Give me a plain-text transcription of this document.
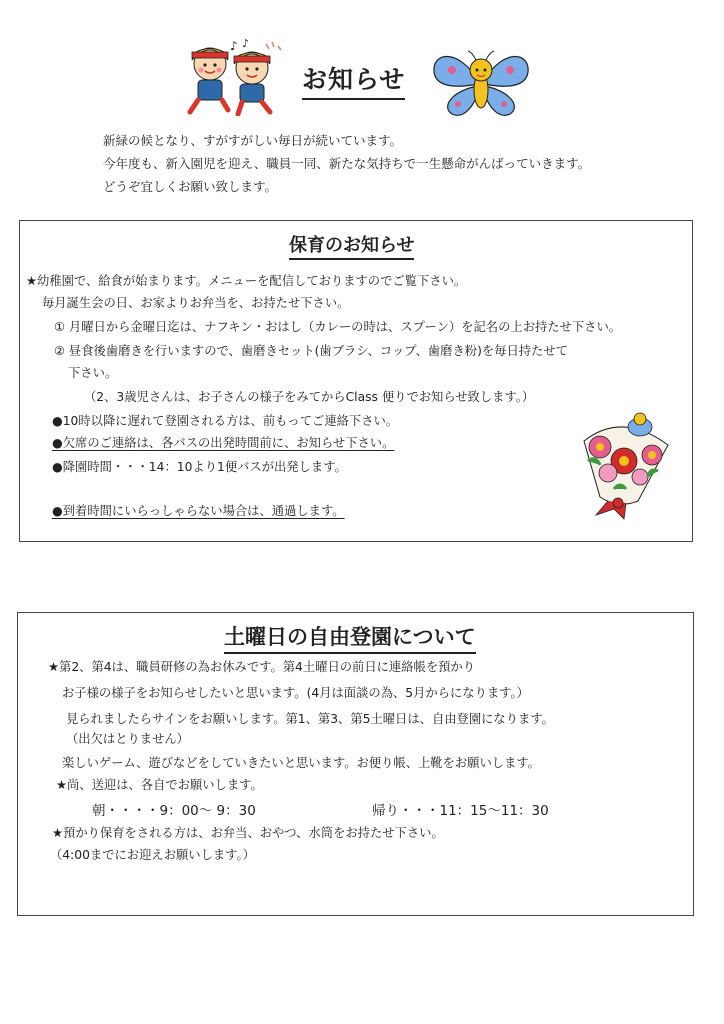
♪ ♪
お知らせ
新緑の候となり、すがすがしい毎日が続いています。
今年度も、新入園児を迎え、職員一同、新たな気持ちで一生懸命がんばっていきます。
どうぞ宜しくお願い致します。
保育のお知らせ
★幼稚園で、給食が始まります。メニューを配信しておりますのでご覧下さい。
毎月誕生会の日、お家よりお弁当を、お持たせ下さい。
① 月曜日から金曜日迄は、ナフキン・おはし（カレーの時は、スプーン）を記名の上お持たせ下さい。
② 昼食後歯磨きを行いますので、歯磨きセット(歯ブラシ、コップ、歯磨き粉)を毎日持たせて
下さい。
（2、3歳児さんは、お子さんの様子をみてからClass 便りでお知らせ致します。）
●10時以降に遅れて登園される方は、前もってご連絡下さい。
●欠席のご連絡は、各バスの出発時間前に、お知らせ下さい。
●降園時間・・・14：10より1便バスが出発します。
●到着時間にいらっしゃらない場合は、通過します。
土曜日の自由登園について
★第2、第4は、職員研修の為お休みです。第4土曜日の前日に連絡帳を預かり
お子様の様子をお知らせしたいと思います。(4月は面談の為、5月からになります。）
見られましたらサインをお願いします。第1、第3、第5土曜日は、自由登園になります。
（出欠はとりません）
楽しいゲーム、遊びなどをしていきたいと思います。お便り帳、上靴をお願いします。
★尚、送迎は、各自でお願いします。
朝・・・・9：00～ 9：30	帰り・・・11：15～11：30
★預かり保育をされる方は、お弁当、おやつ、水筒をお持たせ下さい。
（4:00までにお迎えお願いします。）
